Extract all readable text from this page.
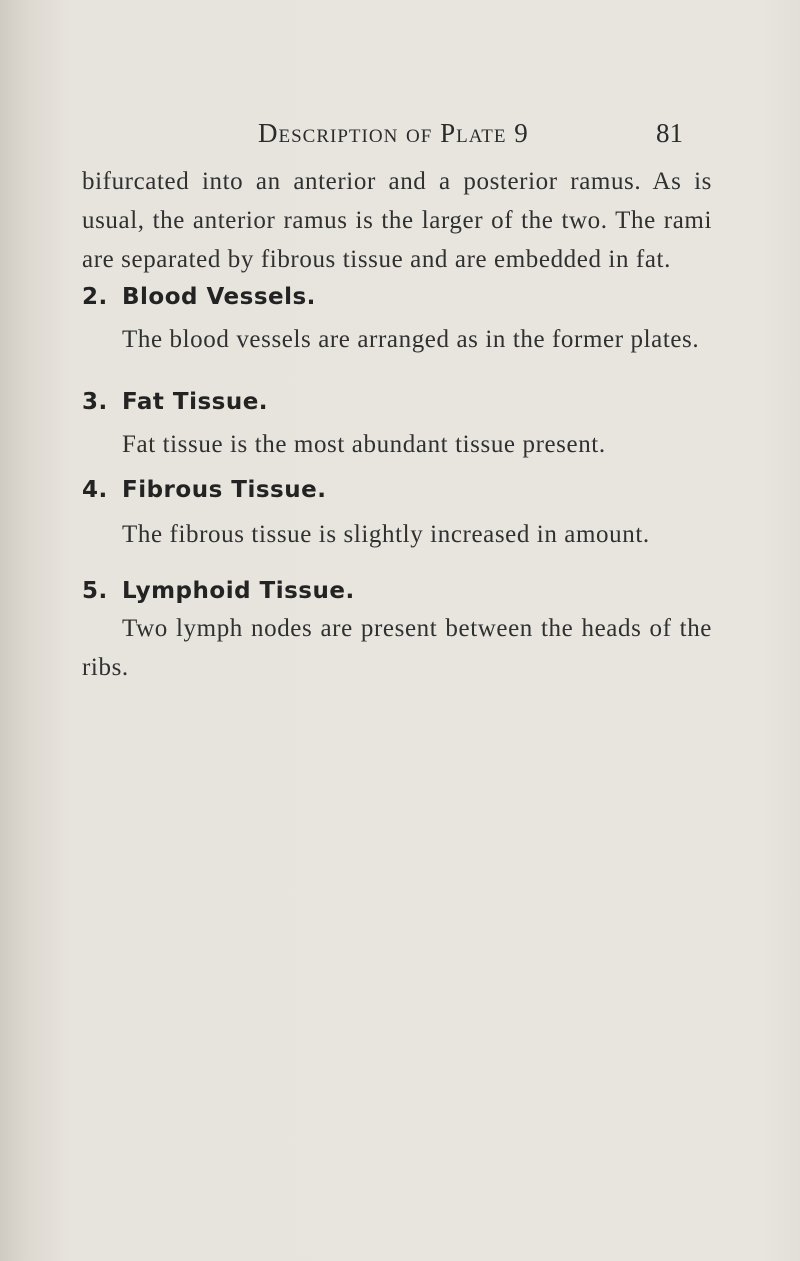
Description of Plate 9	81

bifurcated into an anterior and a posterior ramus. As is usual, the anterior ramus is the larger of the two. The rami are separated by fibrous tissue and are embedded in fat.

2. Blood Vessels.
The blood vessels are arranged as in the former plates.
3. Fat Tissue.
Fat tissue is the most abundant tissue present.
4. Fibrous Tissue.
The fibrous tissue is slightly increased in amount.
5. Lymphoid Tissue.

Two lymph nodes are present between the heads of the ribs.
